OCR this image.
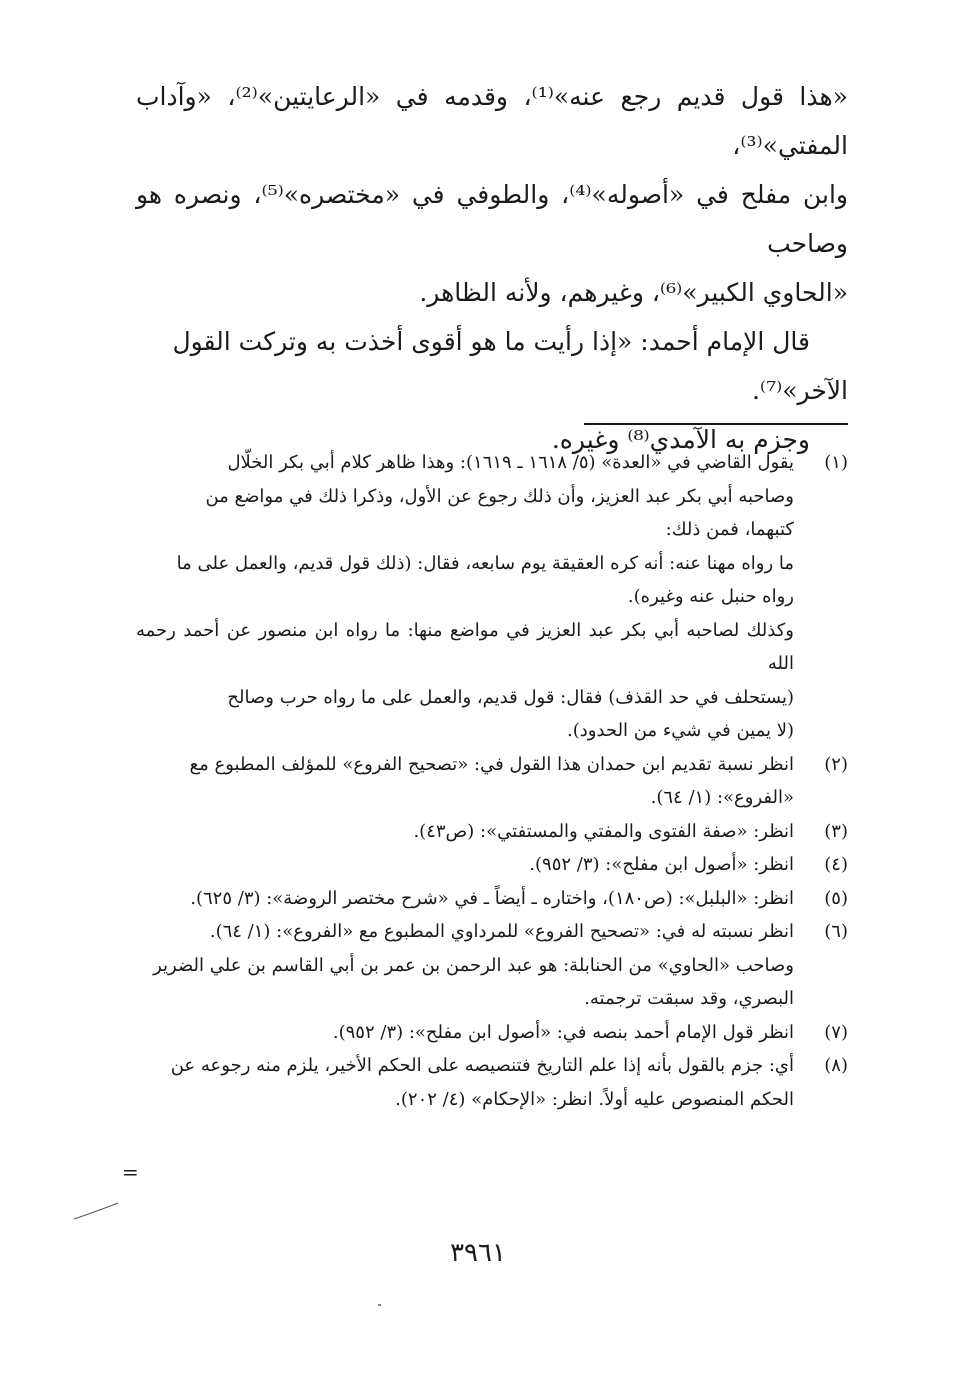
«هذا قول قديم رجع عنه»⁽¹⁾، وقدمه في «الرعايتين»⁽²⁾، «وآداب المفتي»⁽³⁾،
وابن مفلح في «أصوله»⁽⁴⁾، والطوفي في «مختصره»⁽⁵⁾، ونصره هو وصاحب
«الحاوي الكبير»⁽⁶⁾، وغيرهم، ولأنه الظاهر.

قال الإمام أحمد: «إذا رأيت ما هو أقوى أخذت به وتركت القول

الآخر»⁽⁷⁾.

وجزم به الآمدي⁽⁸⁾ وغيره.

(١)
يقول القاضي في «العدة» (٥/ ١٦١٨ ـ ١٦١٩): وهذا ظاهر كلام أبي بكر الخلّال
وصاحبه أبي بكر عبد العزيز، وأن ذلك رجوع عن الأول، وذكرا ذلك في مواضع من
كتبهما، فمن ذلك:
ما رواه مهنا عنه: أنه كره العقيقة يوم سابعه، فقال: (ذلك قول قديم، والعمل على ما
رواه حنبل عنه وغيره).
وكذلك لصاحبه أبي بكر عبد العزيز في مواضع منها: ما رواه ابن منصور عن أحمد رحمه الله
(يستحلف في حد القذف) فقال: قول قديم، والعمل على ما رواه حرب وصالح
(لا يمين في شيء من الحدود).
(٢)
انظر نسبة تقديم ابن حمدان هذا القول في: «تصحيح الفروع» للمؤلف المطبوع مع
«الفروع»: (١/ ٦٤).
(٣)
انظر: «صفة الفتوى والمفتي والمستفتي»: (ص٤٣).
(٤)
انظر: «أصول ابن مفلح»: (٣/ ٩٥٢).
(٥)
انظر: «البلبل»: (ص١٨٠)، واختاره ـ أيضاً ـ في «شرح مختصر الروضة»: (٣/ ٦٢٥).
(٦)
انظر نسبته له في: «تصحيح الفروع» للمرداوي المطبوع مع «الفروع»: (١/ ٦٤).
وصاحب «الحاوي» من الحنابلة: هو عبد الرحمن بن عمر بن أبي القاسم بن علي الضرير
البصري، وقد سبقت ترجمته.
(٧)
انظر قول الإمام أحمد بنصه في: «أصول ابن مفلح»: (٣/ ٩٥٢).
(٨)
أي: جزم بالقول بأنه إذا علم التاريخ فتنصيصه على الحكم الأخير، يلزم منه رجوعه عن
الحكم المنصوص عليه أولاً. انظر: «الإحكام» (٤/ ٢٠٢).
=
٣٩٦١
